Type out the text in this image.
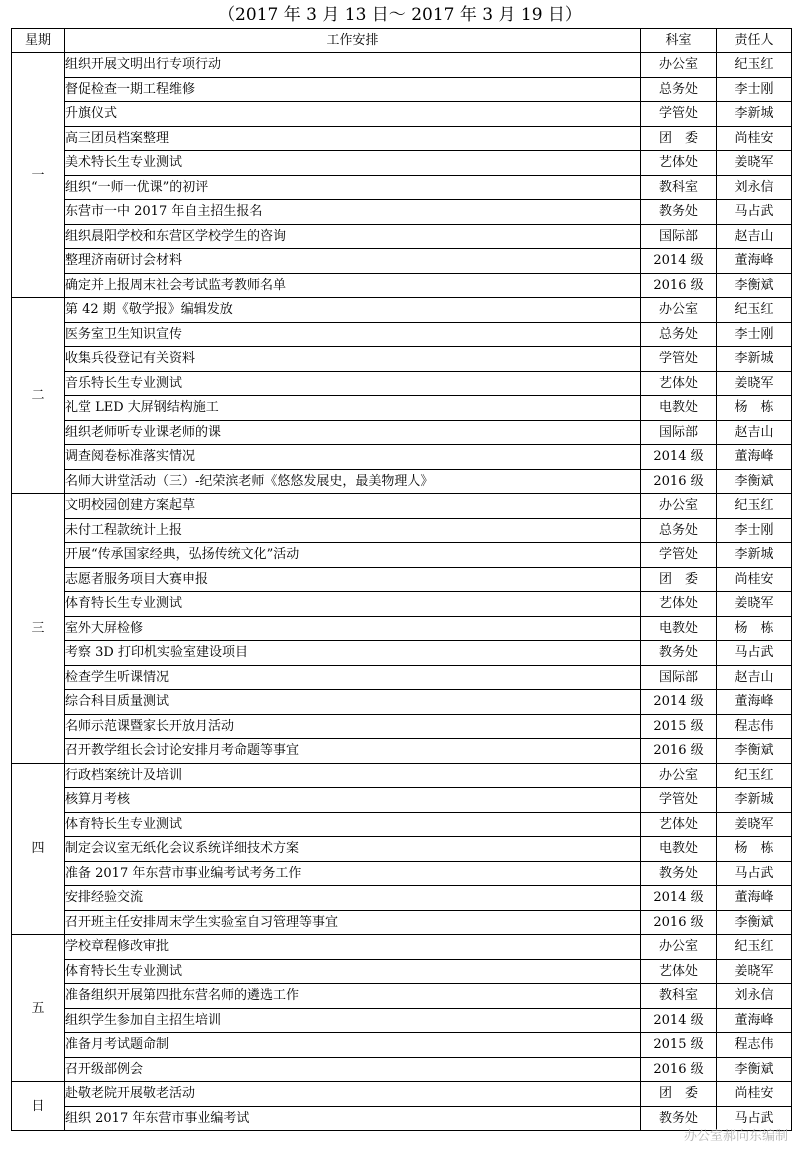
（2017 年 3 月 13 日～ 2017 年 3 月 19 日）
星期	工作安排	科室	责任人
一	组织开展文明出行专项行动	办公室	纪玉红
	督促检查一期工程维修	总务处	李士刚
	升旗仪式	学管处	李新城
	高三团员档案整理	团　委	尚桂安
	美术特长生专业测试	艺体处	姜晓军
	组织“一师一优课”的初评	教科室	刘永信
	东营市一中 2017 年自主招生报名	教务处	马占武
	组织晨阳学校和东营区学校学生的咨询	国际部	赵吉山
	整理济南研讨会材料	2014 级	董海峰
	确定并上报周末社会考试监考教师名单	2016 级	李衡斌
二	第 42 期《敬学报》编辑发放	办公室	纪玉红
	医务室卫生知识宣传	总务处	李士刚
	收集兵役登记有关资料	学管处	李新城
	音乐特长生专业测试	艺体处	姜晓军
	礼堂 LED 大屏钢结构施工	电教处	杨　栋
	组织老师听专业课老师的课	国际部	赵吉山
	调查阅卷标准落实情况	2014 级	董海峰
	名师大讲堂活动（三）-纪荣滨老师《悠悠发展史，最美物理人》	2016 级	李衡斌
三	文明校园创建方案起草	办公室	纪玉红
	未付工程款统计上报	总务处	李士刚
	开展“传承国家经典，弘扬传统文化”活动	学管处	李新城
	志愿者服务项目大赛申报	团　委	尚桂安
	体育特长生专业测试	艺体处	姜晓军
	室外大屏检修	电教处	杨　栋
	考察 3D 打印机实验室建设项目	教务处	马占武
	检查学生听课情况	国际部	赵吉山
	综合科目质量测试	2014 级	董海峰
	名师示范课暨家长开放月活动	2015 级	程志伟
	召开教学组长会讨论安排月考命题等事宜	2016 级	李衡斌
四	行政档案统计及培训	办公室	纪玉红
	核算月考核	学管处	李新城
	体育特长生专业测试	艺体处	姜晓军
	制定会议室无纸化会议系统详细技术方案	电教处	杨　栋
	准备 2017 年东营市事业编考试考务工作	教务处	马占武
	安排经验交流	2014 级	董海峰
	召开班主任安排周末学生实验室自习管理等事宜	2016 级	李衡斌
五	学校章程修改审批	办公室	纪玉红
	体育特长生专业测试	艺体处	姜晓军
	准备组织开展第四批东营名师的遴选工作	教科室	刘永信
	组织学生参加自主招生培训	2014 级	董海峰
	准备月考试题命制	2015 级	程志伟
	召开级部例会	2016 级	李衡斌
日	赴敬老院开展敬老活动	团　委	尚桂安
	组织 2017 年东营市事业编考试	教务处	马占武
办公室郝向东编制
